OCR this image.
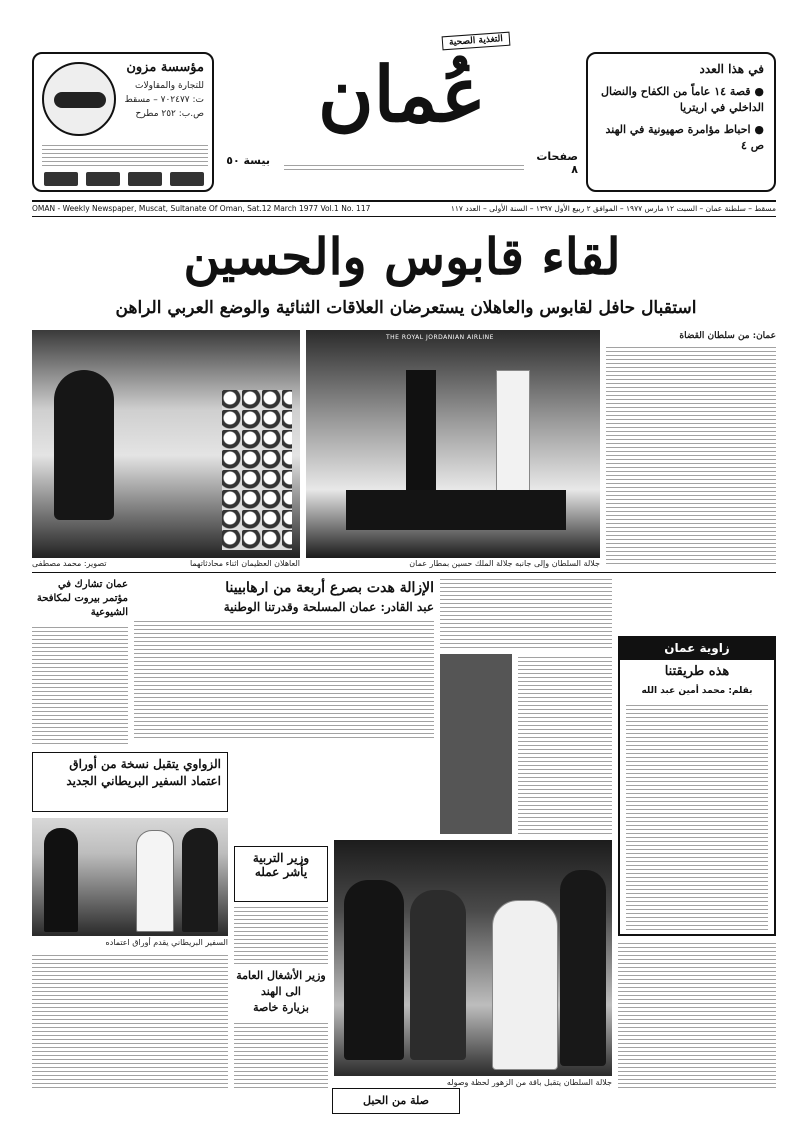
مؤسسة مزون
للتجارة والمقاولات
ت: ٧٠٢٤٧٧ – مسقط
ص.ب: ٢٥٢ مطرح
التغذية الصحية
عُمان
بيسة ٥٠	صفحات ٨
في هذا العدد
● قصة ١٤ عاماً من الكفاح والنضال الداخلي في اريتريا
● احباط مؤامرة صهيونية في الهند
ص ٤
OMAN - Weekly Newspaper, Muscat, Sultanate Of Oman, Sat.12 March 1977 Vol.1 No. 117	مسقط – سلطنة عمان – السبت ١٢ مارس ١٩٧٧ – الموافق ٢ ربيع الأول ١٣٩٧ – السنة الأولى – العدد ١١٧
لقاء قابوس والحسين
استقبال حافل لقابوس والعاهلان يستعرضان العلاقات الثنائية والوضع العربي الراهن
العاهلان العظيمان اثناء محادثاتهما
تصوير: محمد مصطفى
THE ROYAL JORDANIAN AIRLINE
جلالة السلطان وإلى جانبه جلالة الملك حسين بمطار عمان
عمان: من سلطان القضاة
عمان تشارك في مؤتمر بيروت لمكافحة الشيوعية
الإزالة هدت بصرع أربعة من ارهابيينا
عبد القادر: عمان المسلحة وقدرتنا الوطنية
زاوية عمان
هذه طريقتنا
بقلم: محمد أمين عبد الله
الزواوي يتقبل نسخة من أوراق اعتماد السفير البريطاني الجديد
السفير البريطاني يقدم أوراق اعتماده
وزير التربية
يأشر عمله
وزير الأشغال العامة
الى الهند
بزيارة خاصة
جلالة السلطان يتقبل باقة من الزهور لحظة وصوله
صلة من الحبل
